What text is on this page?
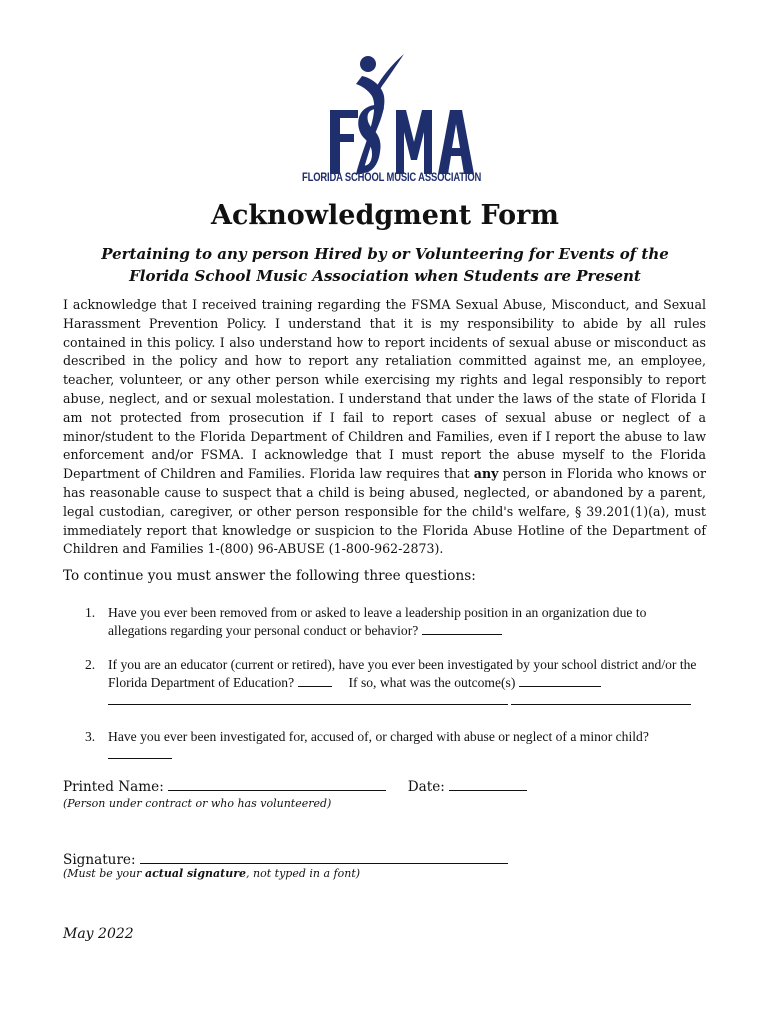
FLORIDA SCHOOL MUSIC ASSOCIATION
Acknowledgment Form
Pertaining to any person Hired by or Volunteering for Events of the
Florida School Music Association when Students are Present
I acknowledge that I received training regarding the FSMA Sexual Abuse, Misconduct, and Sexual Harassment Prevention Policy. I understand that it is my responsibility to abide by all rules contained in this policy. I also understand how to report incidents of sexual abuse or misconduct as described in the policy and how to report any retaliation committed against me, an employee, teacher, volunteer, or any other person while exercising my rights and legal responsibly to report abuse, neglect, and or sexual molestation. I understand that under the laws of the state of Florida I am not protected from prosecution if I fail to report cases of sexual abuse or neglect of a minor/student to the Florida Department of Children and Families, even if I report the abuse to law enforcement and/or FSMA. I acknowledge that I must report the abuse myself to the Florida Department of Children and Families. Florida law requires that any person in Florida who knows or has reasonable cause to suspect that a child is being abused, neglected, or abandoned by a parent, legal custodian, caregiver, or other person responsible for the child's welfare, § 39.201(1)(a), must immediately report that knowledge or suspicion to the Florida Abuse Hotline of the Department of Children and Families 1-(800) 96-ABUSE (1-800-962-2873).
To continue you must answer the following three questions:
1. Have you ever been removed from or asked to leave a leadership position in an organization due to allegations regarding your personal conduct or behavior?
2. If you are an educator (current or retired), have you ever been investigated by your school district and/or the Florida Department of Education?	If so, what was the outcome(s)

3. Have you ever been investigated for, accused of, or charged with abuse or neglect of a minor child?

Printed Name:	Date:
(Person under contract or who has volunteered)
Signature:
(Must be your actual signature, not typed in a font)
May 2022
